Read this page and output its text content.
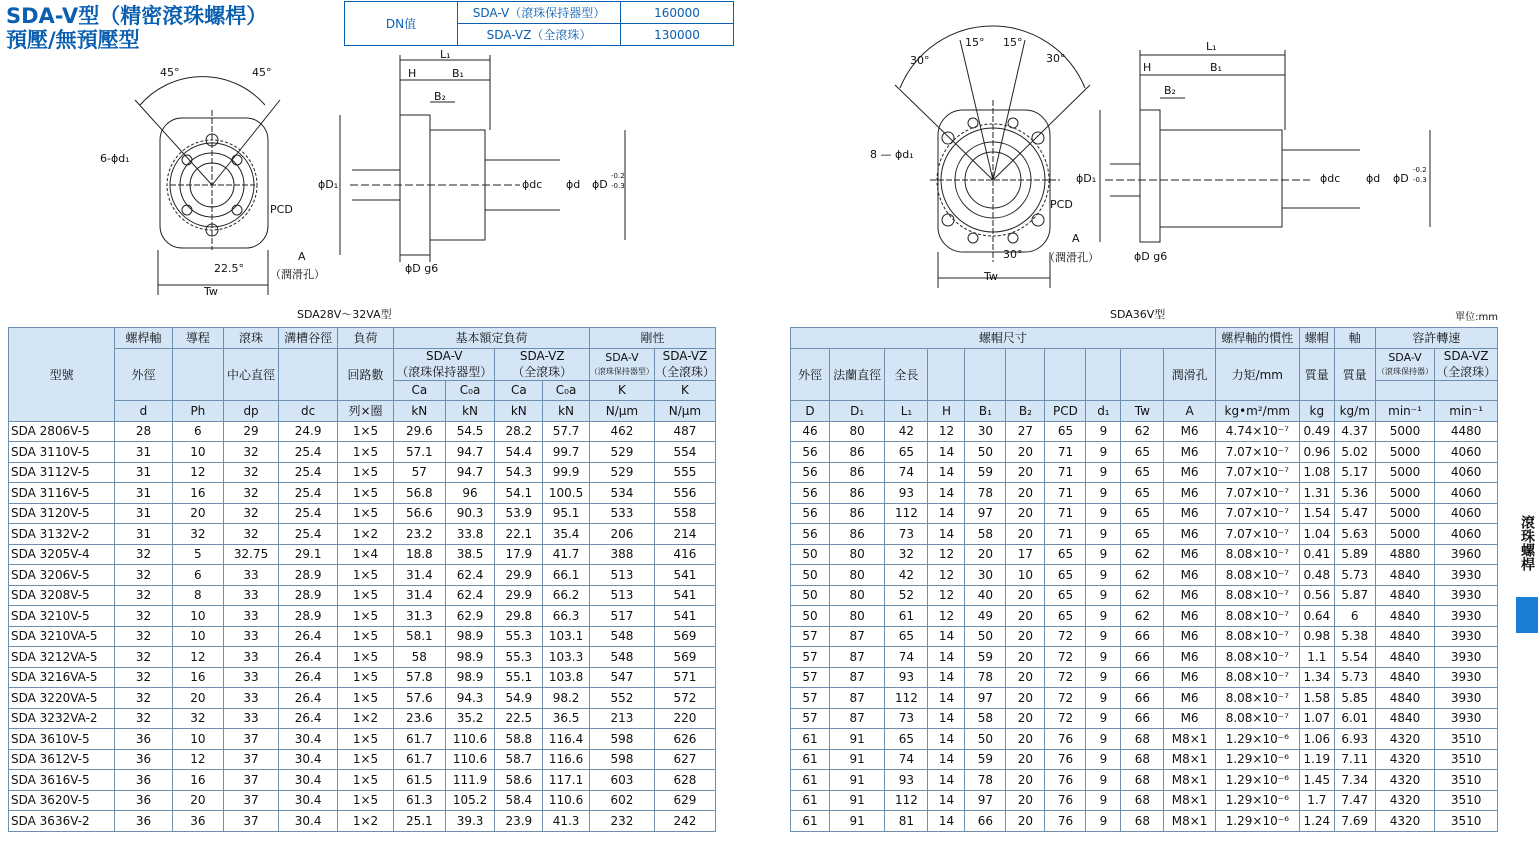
SDA-V型（精密滾珠螺桿）
預壓/無預壓型
DN值	SDA-V（滾珠保持器型）	160000
	SDA-VZ（全滾珠）	130000
45°	45°
6-ϕd₁
PCD
22.5°
Tw
A
（潤滑孔）
ϕD₁	ϕdc ϕd ϕD
-0.2
-0.3
ϕD g6
L₁
H	B₁
B₂
SDA28V～32VA型
30°
15° 15°
30°
8 — ϕd₁
PCD
30°
Tw
A
（潤滑孔）
ϕD₁	ϕdc ϕd ϕD
-0.2
-0.3
ϕD g6
L₁
H	B₁
B₂
SDA36V型	單位:mm
滾珠螺桿
型號	螺桿軸	導程	滾珠	溝槽谷徑	負荷	基本額定負荷				剛性	
	外徑		中心直徑		回路數	SDA-V
（滾珠保持器型）		SDA-VZ
（全滾珠）		SDA-V
（滾珠保持器型）	SDA-VZ
（全滾珠）
						Ca	C₀a	Ca	C₀a	K	K
	d	Ph	dp	dc	列×圈	kN	kN	kN	kN	N/μm	N/μm
SDA 2806V-5	28	6	29	24.9	1×5	29.6	54.5	28.2	57.7	462	487
SDA 3110V-5	31	10	32	25.4	1×5	57.1	94.7	54.4	99.7	529	554
SDA 3112V-5	31	12	32	25.4	1×5	57	94.7	54.3	99.9	529	555
SDA 3116V-5	31	16	32	25.4	1×5	56.8	96	54.1	100.5	534	556
SDA 3120V-5	31	20	32	25.4	1×5	56.6	90.3	53.9	95.1	533	558
SDA 3132V-2	31	32	32	25.4	1×2	23.2	33.8	22.1	35.4	206	214
SDA 3205V-4	32	5	32.75	29.1	1×4	18.8	38.5	17.9	41.7	388	416
SDA 3206V-5	32	6	33	28.9	1×5	31.4	62.4	29.9	66.1	513	541
SDA 3208V-5	32	8	33	28.9	1×5	31.4	62.4	29.9	66.2	513	541
SDA 3210V-5	32	10	33	28.9	1×5	31.3	62.9	29.8	66.3	517	541
SDA 3210VA-5	32	10	33	26.4	1×5	58.1	98.9	55.3	103.1	548	569
SDA 3212VA-5	32	12	33	26.4	1×5	58	98.9	55.3	103.3	548	569
SDA 3216VA-5	32	16	33	26.4	1×5	57.8	98.9	55.1	103.8	547	571
SDA 3220VA-5	32	20	33	26.4	1×5	57.6	94.3	54.9	98.2	552	572
SDA 3232VA-2	32	32	33	26.4	1×2	23.6	35.2	22.5	36.5	213	220
SDA 3610V-5	36	10	37	30.4	1×5	61.7	110.6	58.8	116.4	598	626
SDA 3612V-5	36	12	37	30.4	1×5	61.7	110.6	58.7	116.6	598	627
SDA 3616V-5	36	16	37	30.4	1×5	61.5	111.9	58.6	117.1	603	628
SDA 3620V-5	36	20	37	30.4	1×5	61.3	105.2	58.4	110.6	602	629
SDA 3636V-2	36	36	37	30.4	1×2	25.1	39.3	23.9	41.3	232	242
螺帽尺寸										螺桿軸的慣性	螺帽	軸	容許轉速	
外徑	法蘭直徑	全長							潤滑孔	力矩/mm	質量	質量	SDA-V
（滾珠保持器）	SDA-VZ
（全滾珠）

D	D₁	L₁	H	B₁	B₂	PCD	d₁	Tw	A	kg•m²/mm	kg	kg/m	min⁻¹	min⁻¹
46	80	42	12	30	27	65	9	62	M6	4.74×10⁻⁷	0.49	4.37	5000	4480
56	86	65	14	50	20	71	9	65	M6	7.07×10⁻⁷	0.96	5.02	5000	4060
56	86	74	14	59	20	71	9	65	M6	7.07×10⁻⁷	1.08	5.17	5000	4060
56	86	93	14	78	20	71	9	65	M6	7.07×10⁻⁷	1.31	5.36	5000	4060
56	86	112	14	97	20	71	9	65	M6	7.07×10⁻⁷	1.54	5.47	5000	4060
56	86	73	14	58	20	71	9	65	M6	7.07×10⁻⁷	1.04	5.63	5000	4060
50	80	32	12	20	17	65	9	62	M6	8.08×10⁻⁷	0.41	5.89	4880	3960
50	80	42	12	30	10	65	9	62	M6	8.08×10⁻⁷	0.48	5.73	4840	3930
50	80	52	12	40	20	65	9	62	M6	8.08×10⁻⁷	0.56	5.87	4840	3930
50	80	61	12	49	20	65	9	62	M6	8.08×10⁻⁷	0.64	6	4840	3930
57	87	65	14	50	20	72	9	66	M6	8.08×10⁻⁷	0.98	5.38	4840	3930
57	87	74	14	59	20	72	9	66	M6	8.08×10⁻⁷	1.1	5.54	4840	3930
57	87	93	14	78	20	72	9	66	M6	8.08×10⁻⁷	1.34	5.73	4840	3930
57	87	112	14	97	20	72	9	66	M6	8.08×10⁻⁷	1.58	5.85	4840	3930
57	87	73	14	58	20	72	9	66	M6	8.08×10⁻⁷	1.07	6.01	4840	3930
61	91	65	14	50	20	76	9	68	M8×1	1.29×10⁻⁶	1.06	6.93	4320	3510
61	91	74	14	59	20	76	9	68	M8×1	1.29×10⁻⁶	1.19	7.11	4320	3510
61	91	93	14	78	20	76	9	68	M8×1	1.29×10⁻⁶	1.45	7.34	4320	3510
61	91	112	14	97	20	76	9	68	M8×1	1.29×10⁻⁶	1.7	7.47	4320	3510
61	91	81	14	66	20	76	9	68	M8×1	1.29×10⁻⁶	1.24	7.69	4320	3510
